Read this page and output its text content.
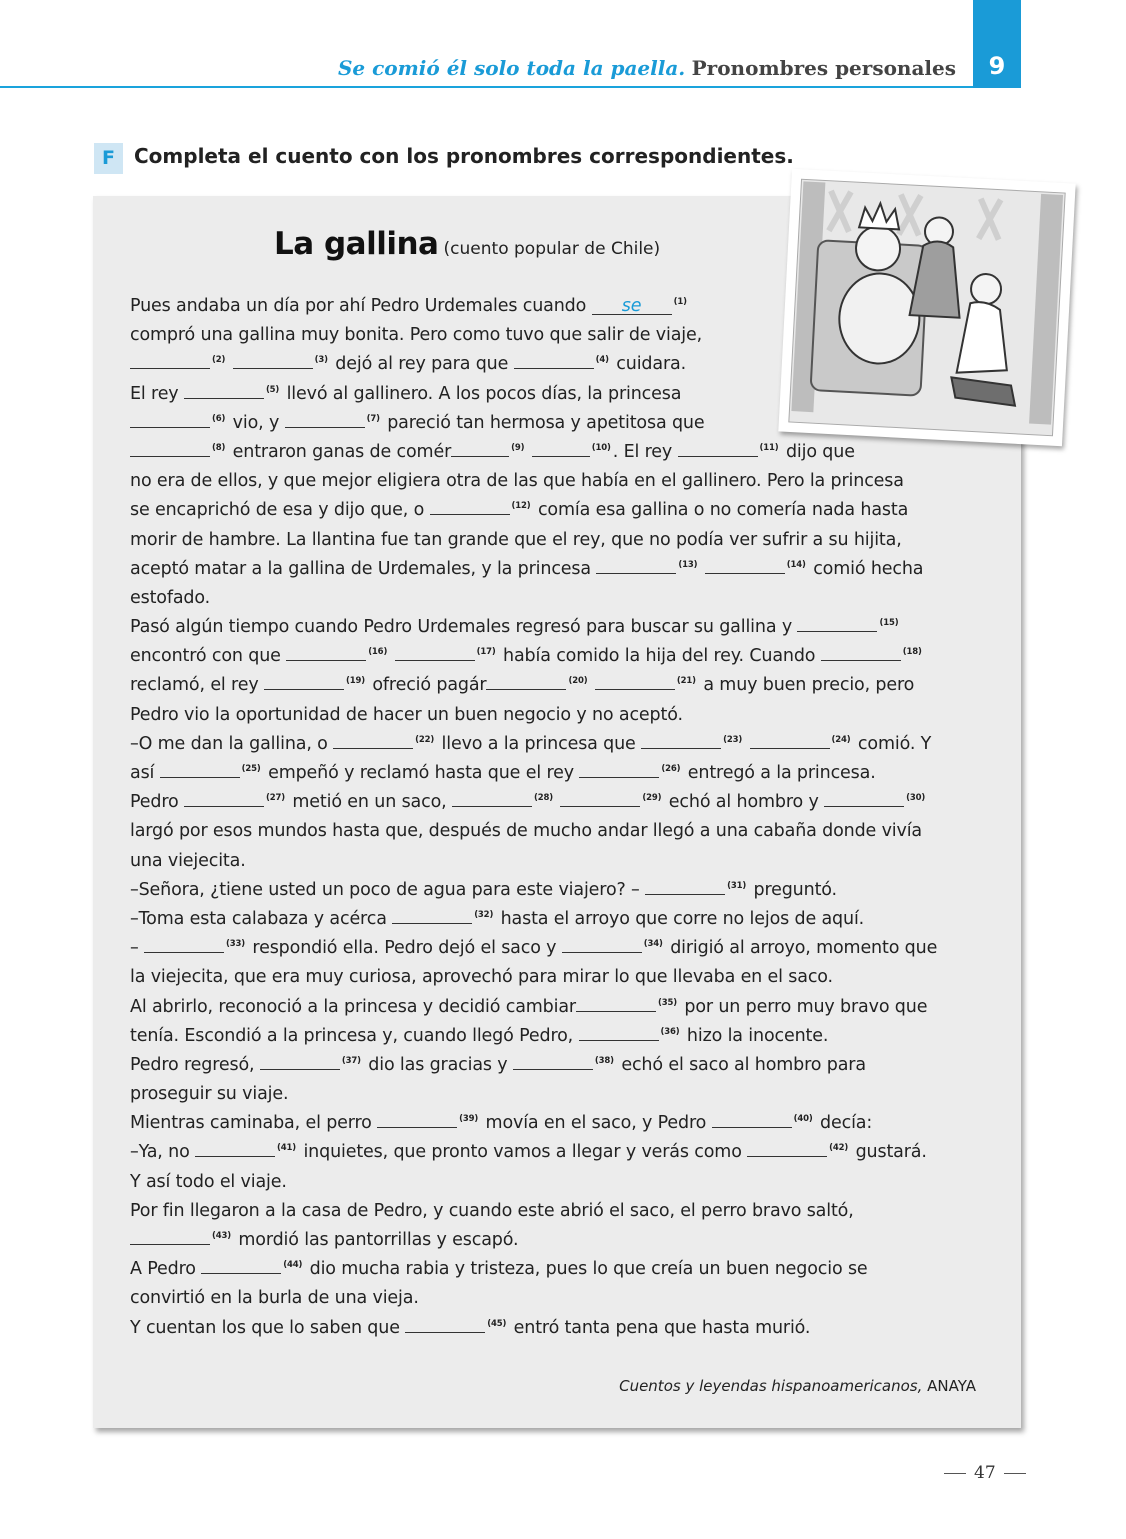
Se comió él solo toda la paella. Pronombres personales	9
F Completa el cuento con los pronombres correspondientes.
La gallina (cuento popular de Chile)
Pues andaba un día por ahí Pedro Urdemales cuando se	$^{(1)}$
compró una gallina muy bonita. Pero como tuvo que salir de viaje,
$^{(2)}$	$^{(3)}$ dejó al rey para que	$^{(4)}$ cuidara.
El rey	$^{(5)}$ llevó al gallinero. A los pocos días, la princesa
$^{(6)}$ vio, y	$^{(7)}$ pareció tan hermosa y apetitosa que
$^{(8)}$ entraron ganas de comér	$^{(9)}$	$^{(10)}$ . El rey	$^{(11)}$ dijo que
no era de ellos, y que mejor eligiera otra de las que había en el gallinero. Pero la princesa
se encaprichó de esa y dijo que, o	$^{(12)}$ comía esa gallina o no comería nada hasta
morir de hambre. La llantina fue tan grande que el rey, que no podía ver sufrir a su hijita,
aceptó matar a la gallina de Urdemales, y la princesa	$^{(13)}$	$^{(14)}$ comió hecha
estofado.
Pasó algún tiempo cuando Pedro Urdemales regresó para buscar su gallina y	$^{(15)}$
encontró con que	$^{(16)}$	$^{(17)}$ había comido la hija del rey. Cuando	$^{(18)}$
reclamó, el rey	$^{(19)}$ ofreció pagár	$^{(20)}$	$^{(21)}$ a muy buen precio, pero
Pedro vio la oportunidad de hacer un buen negocio y no aceptó.
–O me dan la gallina, o	$^{(22)}$ llevo a la princesa que	$^{(23)}$	$^{(24)}$ comió. Y
así	$^{(25)}$ empeñó y reclamó hasta que el rey	$^{(26)}$ entregó a la princesa.
Pedro	$^{(27)}$ metió en un saco,	$^{(28)}$	$^{(29)}$ echó al hombro y	$^{(30)}$
largó por esos mundos hasta que, después de mucho andar llegó a una cabaña donde vivía
una viejecita.
–Señora, ¿tiene usted un poco de agua para este viajero? –	$^{(31)}$ preguntó.
–Toma esta calabaza y acérca	$^{(32)}$ hasta el arroyo que corre no lejos de aquí.
–	$^{(33)}$ respondió ella. Pedro dejó el saco y	$^{(34)}$ dirigió al arroyo, momento que
la viejecita, que era muy curiosa, aprovechó para mirar lo que llevaba en el saco.
Al abrirlo, reconoció a la princesa y decidió cambiar	$^{(35)}$ por un perro muy bravo que
tenía. Escondió a la princesa y, cuando llegó Pedro,	$^{(36)}$ hizo la inocente.
Pedro regresó,	$^{(37)}$ dio las gracias y	$^{(38)}$ echó el saco al hombro para
proseguir su viaje.
Mientras caminaba, el perro	$^{(39)}$ movía en el saco, y Pedro	$^{(40)}$ decía:
–Ya, no	$^{(41)}$ inquietes, que pronto vamos a llegar y verás como	$^{(42)}$ gustará.
Y así todo el viaje.
Por fin llegaron a la casa de Pedro, y cuando este abrió el saco, el perro bravo saltó,
$^{(43)}$ mordió las pantorrillas y escapó.
A Pedro	$^{(44)}$ dio mucha rabia y tristeza, pues lo que creía un buen negocio se
convirtió en la burla de una vieja.
Y cuentan los que lo saben que	$^{(45)}$ entró tanta pena que hasta murió.
Cuentos y leyendas hispanoamericanos, ANAYA
47
